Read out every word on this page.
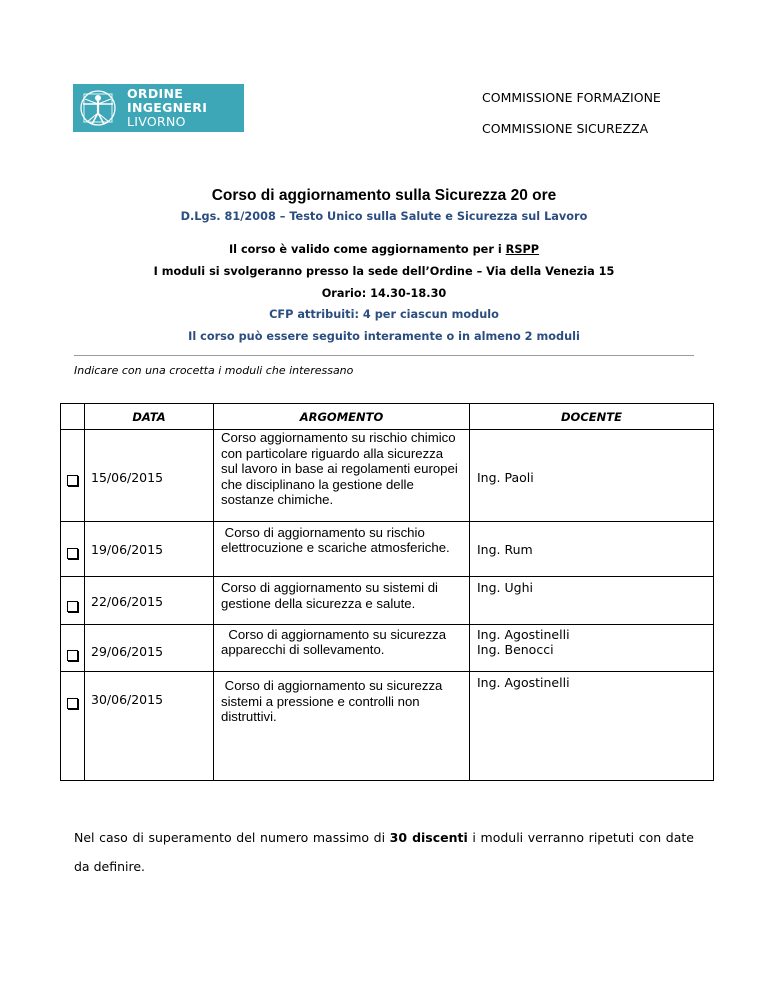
ORDINE
INGEGNERI
LIVORNO
COMMISSIONE FORMAZIONE
COMMISSIONE SICUREZZA
Corso di aggiornamento sulla Sicurezza 20 ore
D.Lgs. 81/2008 – Testo Unico sulla Salute e Sicurezza sul Lavoro
Il corso è valido come aggiornamento per i RSPP
I moduli si svolgeranno presso la sede dell’Ordine – Via della Venezia 15
Orario: 14.30-18.30
CFP attribuiti: 4 per ciascun modulo
Il corso può essere seguito interamente o in almeno 2 moduli
Indicare con una crocetta i moduli che interessano
	DATA	ARGOMENTO	DOCENTE

	15/06/2015	Corso aggiornamento su rischio chimico con particolare riguardo alla sicurezza sul lavoro in base ai regolamenti europei che disciplinano la gestione delle sostanze chimiche.	Ing. Paoli

	19/06/2015	Corso di aggiornamento su rischio elettrocuzione e scariche atmosferiche.	Ing. Rum

	22/06/2015	Corso di aggiornamento su sistemi di gestione della sicurezza e salute.	Ing. Ughi

	29/06/2015	Corso di aggiornamento su sicurezza apparecchi di sollevamento.	Ing. Agostinelli
Ing. Benocci

	30/06/2015	Corso di aggiornamento su sicurezza sistemi a pressione e controlli non distruttivi.	Ing. Agostinelli
Nel caso di superamento del numero massimo di 30 discenti i moduli verranno ripetuti con date da definire.
